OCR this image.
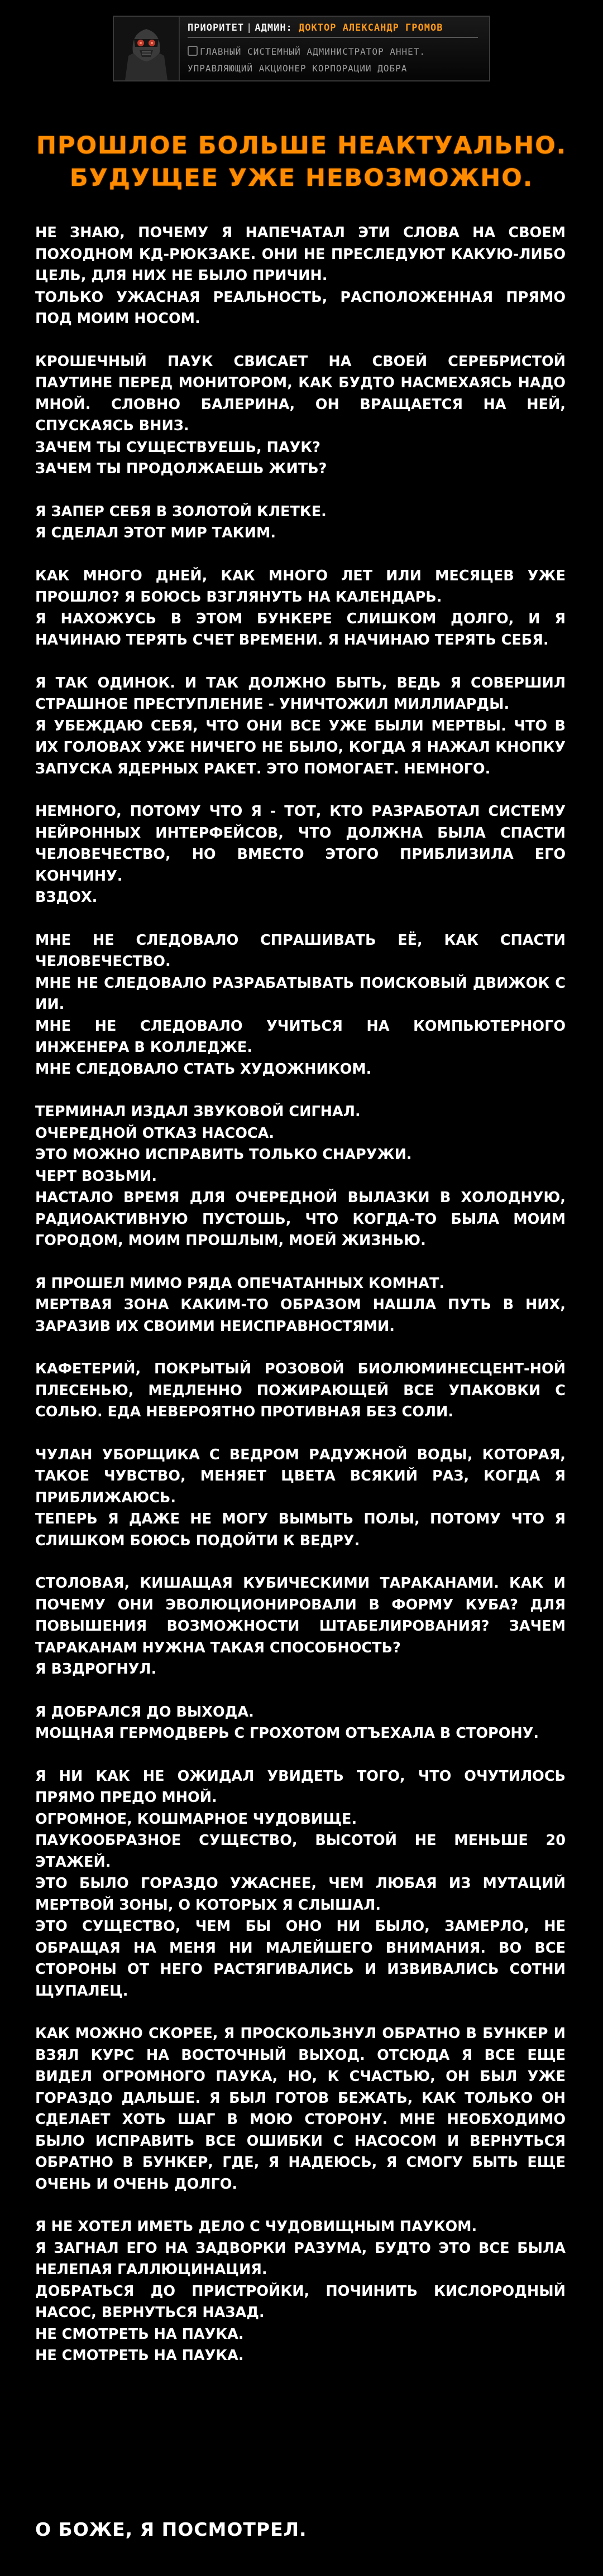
ПРИОРИТЕТ | АДМИН: ДОКТОР АЛЕКСАНДР ГРОМОВ
ГЛАВНЫЙ СИСТЕМНЫЙ АДМИНИСТРАТОР АННЕТ.
УПРАВЛЯЮЩИЙ АКЦИОНЕР КОРПОРАЦИИ ДОБРА
ПРОШЛОЕ БОЛЬШЕ НЕАКТУАЛЬНО.
БУДУЩЕЕ УЖЕ НЕВОЗМОЖНО.
НЕ ЗНАЮ, ПОЧЕМУ Я НАПЕЧАТАЛ ЭТИ СЛОВА НА СВОЕМ ПОХОДНОМ КД-РЮКЗАКЕ. ОНИ НЕ ПРЕСЛЕДУЮТ КАКУЮ-ЛИБО ЦЕЛЬ, ДЛЯ НИХ НЕ БЫЛО ПРИЧИН.
ТОЛЬКО УЖАСНАЯ РЕАЛЬНОСТЬ, РАСПОЛОЖЕННАЯ ПРЯМО ПОД МОИМ НОСОМ.
КРОШЕЧНЫЙ ПАУК СВИСАЕТ НА СВОЕЙ СЕРЕБРИСТОЙ ПАУТИНЕ ПЕРЕД МОНИТОРОМ, КАК БУДТО НАСМЕХАЯСЬ НАДО МНОЙ. СЛОВНО БАЛЕРИНА, ОН ВРАЩАЕТСЯ НА НЕЙ, СПУСКАЯСЬ ВНИЗ.
ЗАЧЕМ ТЫ СУЩЕСТВУЕШЬ, ПАУК?
ЗАЧЕМ ТЫ ПРОДОЛЖАЕШЬ ЖИТЬ?
Я ЗАПЕР СЕБЯ В ЗОЛОТОЙ КЛЕТКЕ.
Я СДЕЛАЛ ЭТОТ МИР ТАКИМ.
КАК МНОГО ДНЕЙ, КАК МНОГО ЛЕТ ИЛИ МЕСЯЦЕВ УЖЕ ПРОШЛО? Я БОЮСЬ ВЗГЛЯНУТЬ НА КАЛЕНДАРЬ.
Я НАХОЖУСЬ В ЭТОМ БУНКЕРЕ СЛИШКОМ ДОЛГО, И Я НАЧИНАЮ ТЕРЯТЬ СЧЕТ ВРЕМЕНИ. Я НАЧИНАЮ ТЕРЯТЬ СЕБЯ.
Я ТАК ОДИНОК. И ТАК ДОЛЖНО БЫТЬ, ВЕДЬ Я СОВЕРШИЛ СТРАШНОЕ ПРЕСТУПЛЕНИЕ - УНИЧТОЖИЛ МИЛЛИАРДЫ.
Я УБЕЖДАЮ СЕБЯ, ЧТО ОНИ ВСЕ УЖЕ БЫЛИ МЕРТВЫ. ЧТО В ИХ ГОЛОВАХ УЖЕ НИЧЕГО НЕ БЫЛО, КОГДА Я НАЖАЛ КНОПКУ ЗАПУСКА ЯДЕРНЫХ РАКЕТ. ЭТО ПОМОГАЕТ. НЕМНОГО.
НЕМНОГО, ПОТОМУ ЧТО Я - ТОТ, КТО РАЗРАБОТАЛ СИСТЕМУ НЕЙРОННЫХ ИНТЕРФЕЙСОВ, ЧТО ДОЛЖНА БЫЛА СПАСТИ ЧЕЛОВЕЧЕСТВО, НО ВМЕСТО ЭТОГО ПРИБЛИЗИЛА ЕГО КОНЧИНУ.
ВЗДОХ.
МНЕ НЕ СЛЕДОВАЛО СПРАШИВАТЬ ЕЁ, КАК СПАСТИ ЧЕЛОВЕЧЕСТВО.
МНЕ НЕ СЛЕДОВАЛО РАЗРАБАТЫВАТЬ ПОИСКОВЫЙ ДВИЖОК С ИИ.
МНЕ НЕ СЛЕДОВАЛО УЧИТЬСЯ НА КОМПЬЮТЕРНОГО ИНЖЕНЕРА В КОЛЛЕДЖЕ.
МНЕ СЛЕДОВАЛО СТАТЬ ХУДОЖНИКОМ.
ТЕРМИНАЛ ИЗДАЛ ЗВУКОВОЙ СИГНАЛ.
ОЧЕРЕДНОЙ ОТКАЗ НАСОСА.
ЭТО МОЖНО ИСПРАВИТЬ ТОЛЬКО СНАРУЖИ.
ЧЕРТ ВОЗЬМИ.
НАСТАЛО ВРЕМЯ ДЛЯ ОЧЕРЕДНОЙ ВЫЛАЗКИ В ХОЛОДНУЮ, РАДИОАКТИВНУЮ ПУСТОШЬ, ЧТО КОГДА-ТО БЫЛА МОИМ ГОРОДОМ, МОИМ ПРОШЛЫМ, МОЕЙ ЖИЗНЬЮ.
Я ПРОШЕЛ МИМО РЯДА ОПЕЧАТАННЫХ КОМНАТ.
МЕРТВАЯ ЗОНА КАКИМ-ТО ОБРАЗОМ НАШЛА ПУТЬ В НИХ, ЗАРАЗИВ ИХ СВОИМИ НЕИСПРАВНОСТЯМИ.
КАФЕТЕРИЙ, ПОКРЫТЫЙ РОЗОВОЙ БИОЛЮМИНЕСЦЕНТ-НОЙ ПЛЕСЕНЬЮ, МЕДЛЕННО ПОЖИРАЮЩЕЙ ВСЕ УПАКОВКИ С СОЛЬЮ. ЕДА НЕВЕРОЯТНО ПРОТИВНАЯ БЕЗ СОЛИ.
ЧУЛАН УБОРЩИКА С ВЕДРОМ РАДУЖНОЙ ВОДЫ, КОТОРАЯ, ТАКОЕ ЧУВСТВО, МЕНЯЕТ ЦВЕТА ВСЯКИЙ РАЗ, КОГДА Я ПРИБЛИЖАЮСЬ.
ТЕПЕРЬ Я ДАЖЕ НЕ МОГУ ВЫМЫТЬ ПОЛЫ, ПОТОМУ ЧТО Я СЛИШКОМ БОЮСЬ ПОДОЙТИ К ВЕДРУ.
СТОЛОВАЯ, КИШАЩАЯ КУБИЧЕСКИМИ ТАРАКАНАМИ. КАК И ПОЧЕМУ ОНИ ЭВОЛЮЦИОНИРОВАЛИ В ФОРМУ КУБА? ДЛЯ ПОВЫШЕНИЯ ВОЗМОЖНОСТИ ШТАБЕЛИРОВАНИЯ? ЗАЧЕМ ТАРАКАНАМ НУЖНА ТАКАЯ СПОСОБНОСТЬ?
Я ВЗДРОГНУЛ.
Я ДОБРАЛСЯ ДО ВЫХОДА.
МОЩНАЯ ГЕРМОДВЕРЬ С ГРОХОТОМ ОТЪЕХАЛА В СТОРОНУ.
Я НИ КАК НЕ ОЖИДАЛ УВИДЕТЬ ТОГО, ЧТО ОЧУТИЛОСЬ ПРЯМО ПРЕДО МНОЙ.
ОГРОМНОЕ, КОШМАРНОЕ ЧУДОВИЩЕ.
ПАУКООБРАЗНОЕ СУЩЕСТВО, ВЫСОТОЙ НЕ МЕНЬШЕ 20 ЭТАЖЕЙ.
ЭТО БЫЛО ГОРАЗДО УЖАСНЕЕ, ЧЕМ ЛЮБАЯ ИЗ МУТАЦИЙ МЕРТВОЙ ЗОНЫ, О КОТОРЫХ Я СЛЫШАЛ.
ЭТО СУЩЕСТВО, ЧЕМ БЫ ОНО НИ БЫЛО, ЗАМЕРЛО, НЕ ОБРАЩАЯ НА МЕНЯ НИ МАЛЕЙШЕГО ВНИМАНИЯ. ВО ВСЕ СТОРОНЫ ОТ НЕГО РАСТЯГИВАЛИСЬ И ИЗВИВАЛИСЬ СОТНИ ЩУПАЛЕЦ.
КАК МОЖНО СКОРЕЕ, Я ПРОСКОЛЬЗНУЛ ОБРАТНО В БУНКЕР И ВЗЯЛ КУРС НА ВОСТОЧНЫЙ ВЫХОД. ОТСЮДА Я ВСЕ ЕЩЕ ВИДЕЛ ОГРОМНОГО ПАУКА, НО, К СЧАСТЬЮ, ОН БЫЛ УЖЕ ГОРАЗДО ДАЛЬШЕ. Я БЫЛ ГОТОВ БЕЖАТЬ, КАК ТОЛЬКО ОН СДЕЛАЕТ ХОТЬ ШАГ В МОЮ СТОРОНУ. МНЕ НЕОБХОДИМО БЫЛО ИСПРАВИТЬ ВСЕ ОШИБКИ С НАСОСОМ И ВЕРНУТЬСЯ ОБРАТНО В БУНКЕР, ГДЕ, Я НАДЕЮСЬ, Я СМОГУ БЫТЬ ЕЩЕ ОЧЕНЬ И ОЧЕНЬ ДОЛГО.
Я НЕ ХОТЕЛ ИМЕТЬ ДЕЛО С ЧУДОВИЩНЫМ ПАУКОМ.
Я ЗАГНАЛ ЕГО НА ЗАДВОРКИ РАЗУМА, БУДТО ЭТО ВСЕ БЫЛА НЕЛЕПАЯ ГАЛЛЮЦИНАЦИЯ.
ДОБРАТЬСЯ ДО ПРИСТРОЙКИ, ПОЧИНИТЬ КИСЛОРОДНЫЙ НАСОС, ВЕРНУТЬСЯ НАЗАД.
НЕ СМОТРЕТЬ НА ПАУКА.
НЕ СМОТРЕТЬ НА ПАУКА.
О БОЖЕ, Я ПОСМОТРЕЛ.
